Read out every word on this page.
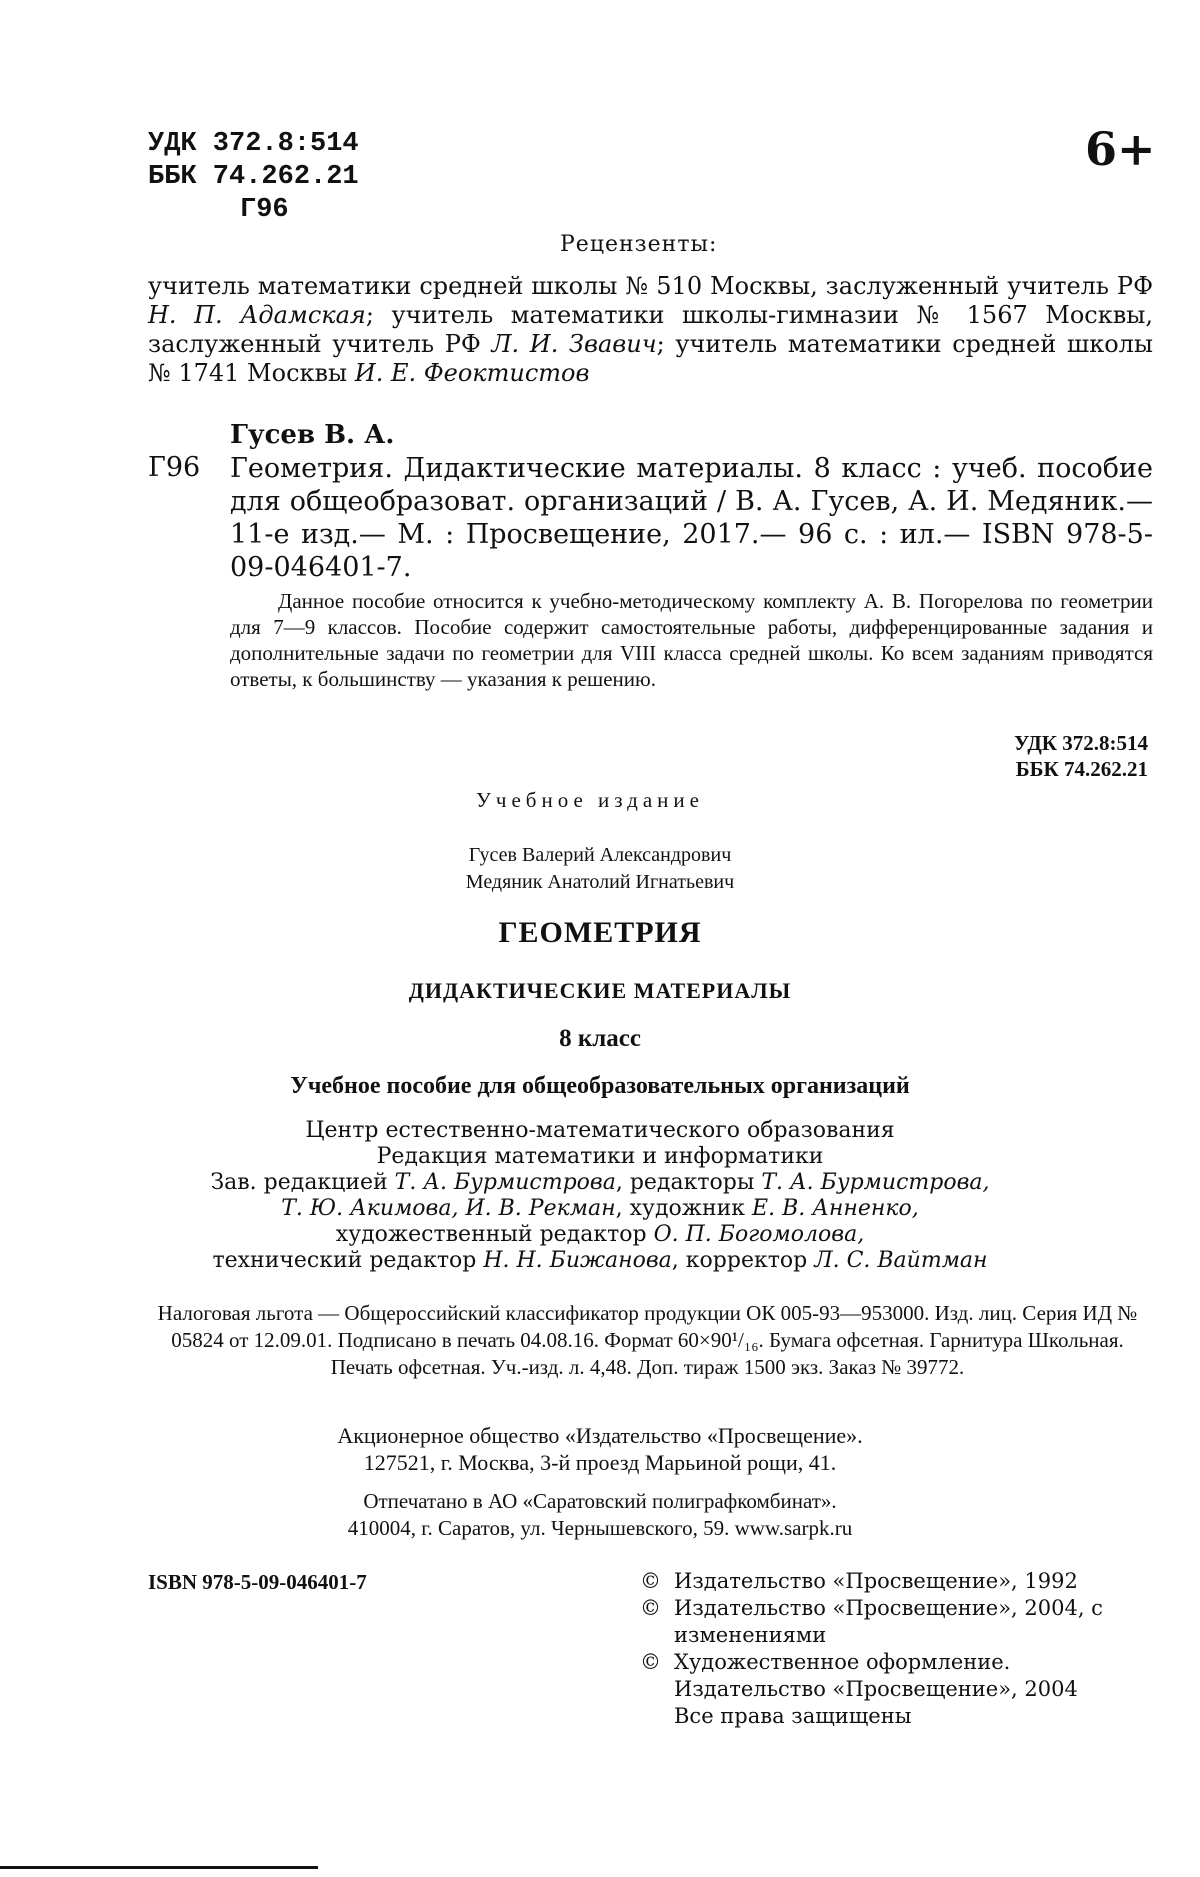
УДК 372.8:514
ББК 74.262.21
Г96
6+
Рецензенты:
учитель математики средней школы № 510 Москвы, заслуженный учитель РФ Н. П. Адамская; учитель математики школы-гимназии № 1567 Москвы, заслуженный учитель РФ Л. И. Звавич; учитель математики средней школы № 1741 Москвы И. Е. Феоктистов
Гусев В. А.
Г96 Геометрия. Дидактические материалы. 8 класс : учеб. пособие для общеобразоват. организаций / В. А. Гусев, А. И. Медяник.— 11-е изд.— М. : Просвещение, 2017.— 96 с. : ил.— ISBN 978-5-09-046401-7.
Данное пособие относится к учебно-методическому комплекту А. В. Погорелова по геометрии для 7—9 классов. Пособие содержит самостоятельные работы, дифференцированные задания и дополнительные задачи по геометрии для VIII класса средней школы. Ко всем заданиям приводятся ответы, к большинству — указания к решению.
УДК 372.8:514
ББК 74.262.21
Учебное издание
Гусев Валерий Александрович
Медяник Анатолий Игнатьевич
ГЕОМЕТРИЯ
ДИДАКТИЧЕСКИЕ МАТЕРИАЛЫ
8 класс
Учебное пособие для общеобразовательных организаций
Центр естественно-математического образования
Редакция математики и информатики
Зав. редакцией Т. А. Бурмистрова, редакторы Т. А. Бурмистрова,
Т. Ю. Акимова, И. В. Рекман, художник Е. В. Анненко,
художественный редактор О. П. Богомолова,
технический редактор Н. Н. Бижанова, корректор Л. С. Вайтман
Налоговая льгота — Общероссийский классификатор продукции ОК 005-93—953000. Изд. лиц. Серия ИД № 05824 от 12.09.01. Подписано в печать 04.08.16. Формат 60×90¹/₁₆. Бумага офсетная. Гарнитура Школьная. Печать офсетная. Уч.-изд. л. 4,48. Доп. тираж 1500 экз. Заказ № 39772.
Акционерное общество «Издательство «Просвещение».
127521, г. Москва, 3-й проезд Марьиной рощи, 41.
Отпечатано в АО «Саратовский полиграфкомбинат».
410004, г. Саратов, ул. Чернышевского, 59. www.sarpk.ru
ISBN 978-5-09-046401-7	© Издательство «Просвещение», 1992
© Издательство «Просвещение», 2004, с изменениями
© Художественное оформление. Издательство «Просвещение», 2004
Все права защищены
